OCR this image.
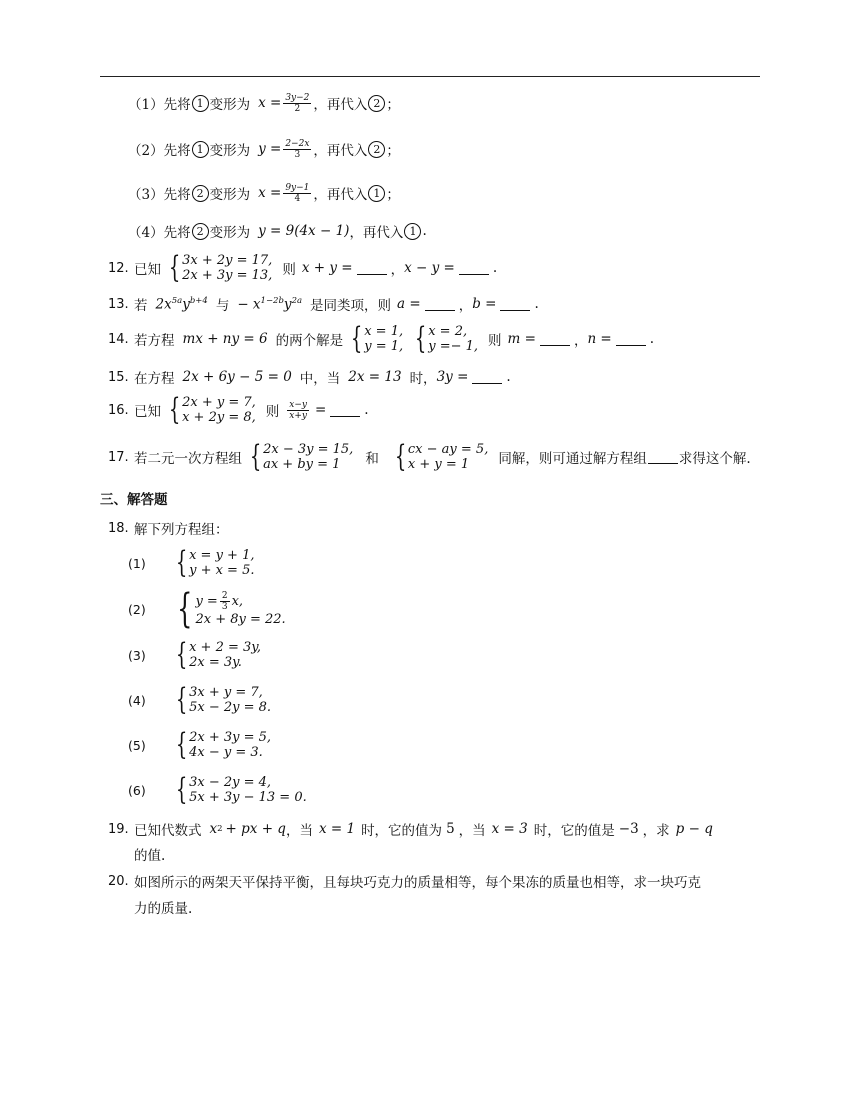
（1）先将 1 变形为 $x = \frac{3y-2}{2}$ ，再代入 2 ；
（2）先将 1 变形为 $y = \frac{2-2x}{3}$ ，再代入 2 ；
（3）先将 2 变形为 $x = \frac{9y-1}{4}$ ，再代入 1 ；
（4）先将 2 变形为 y = 9(4x − 1) ，再代入 1 .
12. 已知 { 3x + 2y = 17,
2x + 3y = 13, 则 x + y =	， x − y =	.
13. 若 $2x^{5a}y^{b+4}$ 与 − $x^{1-2b}y^{2a}$ 是同类项，则 a =	， b =	.
14. 若方程 mx + ny = 6 的两个解是 { x = 1,
y = 1, { x = 2,
y =− 1, 则 m =	， n =	.
15. 在方程 2x + 6y − 5 = 0 中，当 2x = 13 时， 3y =	.
16. 已知 { 2x + y = 7,
x + 2y = 8, 则 $\frac{x-y}{x+y}$ =	.
17. 若二元一次方程组 { 2x − 3y = 15,
ax + by = 1	和 { cx − ay = 5,
x + y = 1	同解，则可通过解方程组 求得这个解.
三、解答题
18. 解下列方程组：
(1)	{ x = y + 1,
y + x = 5.
(2) { $y = \frac{2}{3} x$,
2x + 8y = 22.
(3)	{ x + 2 = 3y,
2x = 3y.
(4)	{ 3x + y = 7,
5x − 2y = 8.
(5)	{ 2x + 3y = 5,
4x − y = 3.
(6)	{ 3x − 2y = 4,
5x + 3y − 13 = 0.
19. 已知代数式 x 2 + px + q ，当 x = 1 时，它的值为 5 ，当 x = 3 时，它的值是 −3 ，求 p − q
的值.
20. 如图所示的两架天平保持平衡，且每块巧克力的质量相等，每个果冻的质量也相等，求一块巧克
力的质量.
